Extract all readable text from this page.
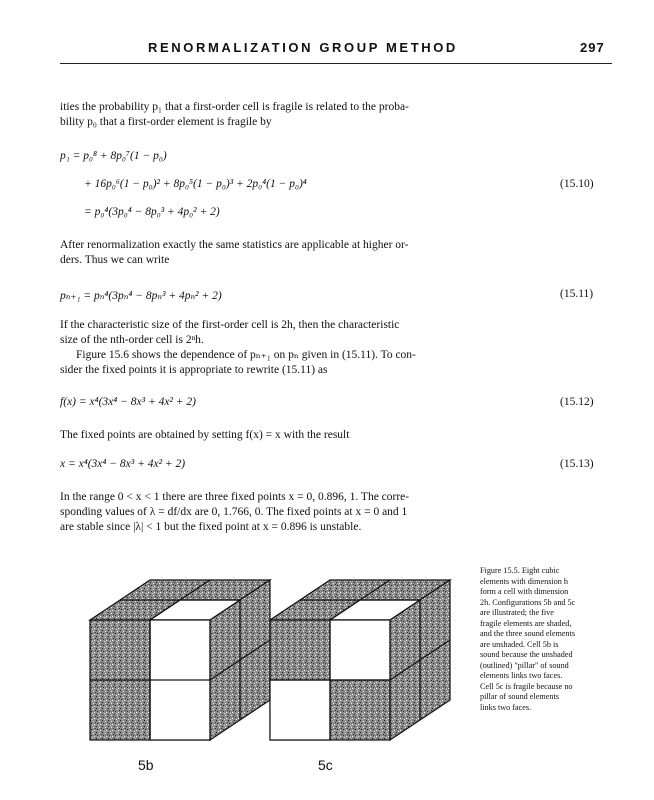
RENORMALIZATION GROUP METHOD	297
ities the probability p₁ that a first-order cell is fragile is related to the proba-
bility p₀ that a first-order element is fragile by
p₁ = p₀⁸ + 8p₀⁷(1 − p₀)
+ 16p₀⁶(1 − p₀)² + 8p₀⁵(1 − p₀)³ + 2p₀⁴(1 − p₀)⁴	(15.10)
= p₀⁴(3p₀⁴ − 8p₀³ + 4p₀² + 2)
After renormalization exactly the same statistics are applicable at higher or-
ders. Thus we can write
pₙ₊₁ = pₙ⁴(3pₙ⁴ − 8pₙ³ + 4pₙ² + 2)	(15.11)
If the characteristic size of the first-order cell is 2h, then the characteristic
size of the nth-order cell is 2ⁿh.
Figure 15.6 shows the dependence of pₙ₊₁ on pₙ given in (15.11). To con-
sider the fixed points it is appropriate to rewrite (15.11) as
f(x) = x⁴(3x⁴ − 8x³ + 4x² + 2)	(15.12)
The fixed points are obtained by setting f(x) = x with the result
x = x⁴(3x⁴ − 8x³ + 4x² + 2)	(15.13)
In the range 0 < x < 1 there are three fixed points x = 0, 0.896, 1. The corre-
sponding values of λ = df/dx are 0, 1.766, 0. The fixed points at x = 0 and 1
are stable since |λ| < 1 but the fixed point at x = 0.896 is unstable.
5b	5c
Figure 15.5. Eight cubic
elements with dimension h
form a cell with dimension
2h. Configurations 5b and 5c
are illustrated; the five
fragile elements are shaded,
and the three sound elements
are unshaded. Cell 5b is
sound because the unshaded
(outlined) "pillar" of sound
elements links two faces.
Cell 5c is fragile because no
pillar of sound elements
links two faces.
